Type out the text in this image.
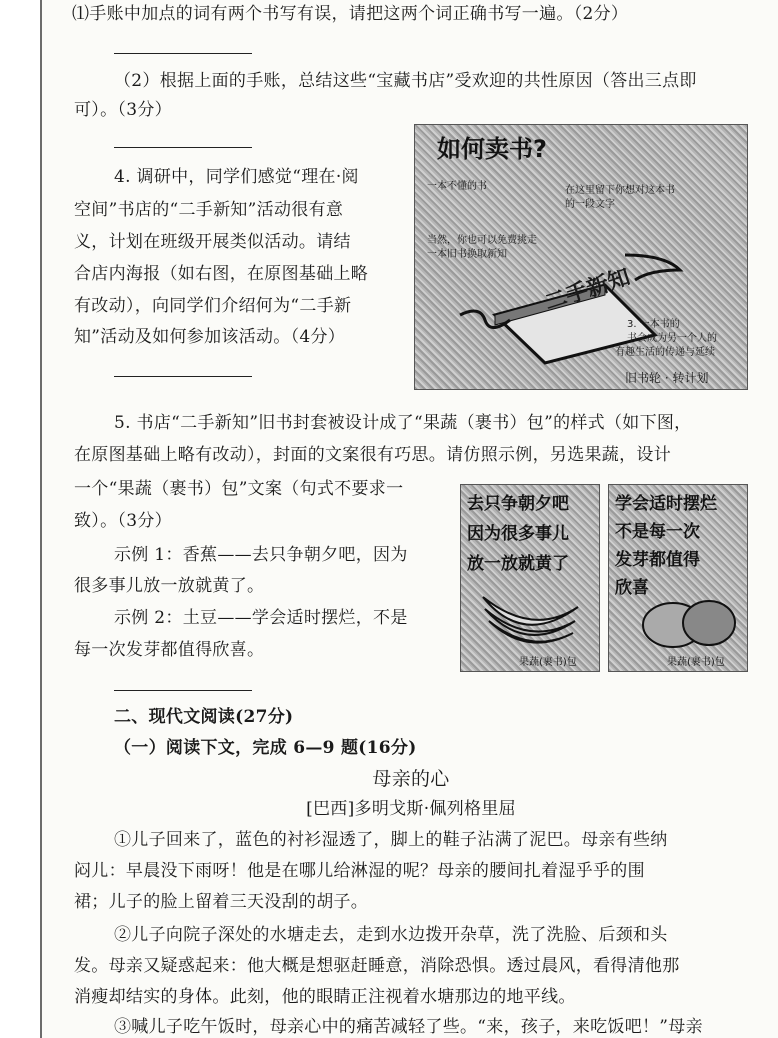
⑴手账中加点的词有两个书写有误，请把这两个词正确书写一遍。（2分）
（2）根据上面的手账，总结这些“宝藏书店”受欢迎的共性原因（答出三点即
可）。（3分）
4. 调研中，同学们感觉“理在·阅
空间”书店的“二手新知”活动很有意
义，计划在班级开展类似活动。请结
合店内海报（如右图，在原图基础上略
有改动），向同学们介绍何为“二手新
知”活动及如何参加该活动。（4分）
如何卖书?
一本不懂的书	在这里留下你想对这本书
的一段文字
当然，你也可以免费挑走
一本旧书换取新知
二手新知
3. 一本书的
书会成为另一个人的
有趣生活的传递与延续
旧书轮 · 转计划
5. 书店“二手新知”旧书封套被设计成了“果蔬（裹书）包”的样式（如下图，
在原图基础上略有改动），封面的文案很有巧思。请仿照示例，另选果蔬，设计
一个“果蔬（裹书）包”文案（句式不要求一
致）。（3分）
示例 1：香蕉——去只争朝夕吧，因为
很多事儿放一放就黄了。
示例 2：土豆——学会适时摆烂，不是
每一次发芽都值得欣喜。
去只争朝夕吧
因为很多事儿
放一放就黄了
果蔬(裹书)包
学会适时摆烂
不是每一次
发芽都值得
欣喜
果蔬(裹书)包
二、现代文阅读(27分)
（一）阅读下文，完成 6—9 题(16分)
母亲的心
[巴西]多明戈斯·佩列格里屈
①儿子回来了，蓝色的衬衫湿透了，脚上的鞋子沾满了泥巴。母亲有些纳
闷儿：早晨没下雨呀！他是在哪儿给淋湿的呢？母亲的腰间扎着湿乎乎的围
裙；儿子的脸上留着三天没刮的胡子。
②儿子向院子深处的水塘走去，走到水边拨开杂草，洗了洗脸、后颈和头
发。母亲又疑惑起来：他大概是想驱赶睡意，消除恐惧。透过晨风，看得清他那
消瘦却结实的身体。此刻，他的眼睛正注视着水塘那边的地平线。
③喊儿子吃午饭时，母亲心中的痛苦减轻了些。“来，孩子，来吃饭吧！”母亲
